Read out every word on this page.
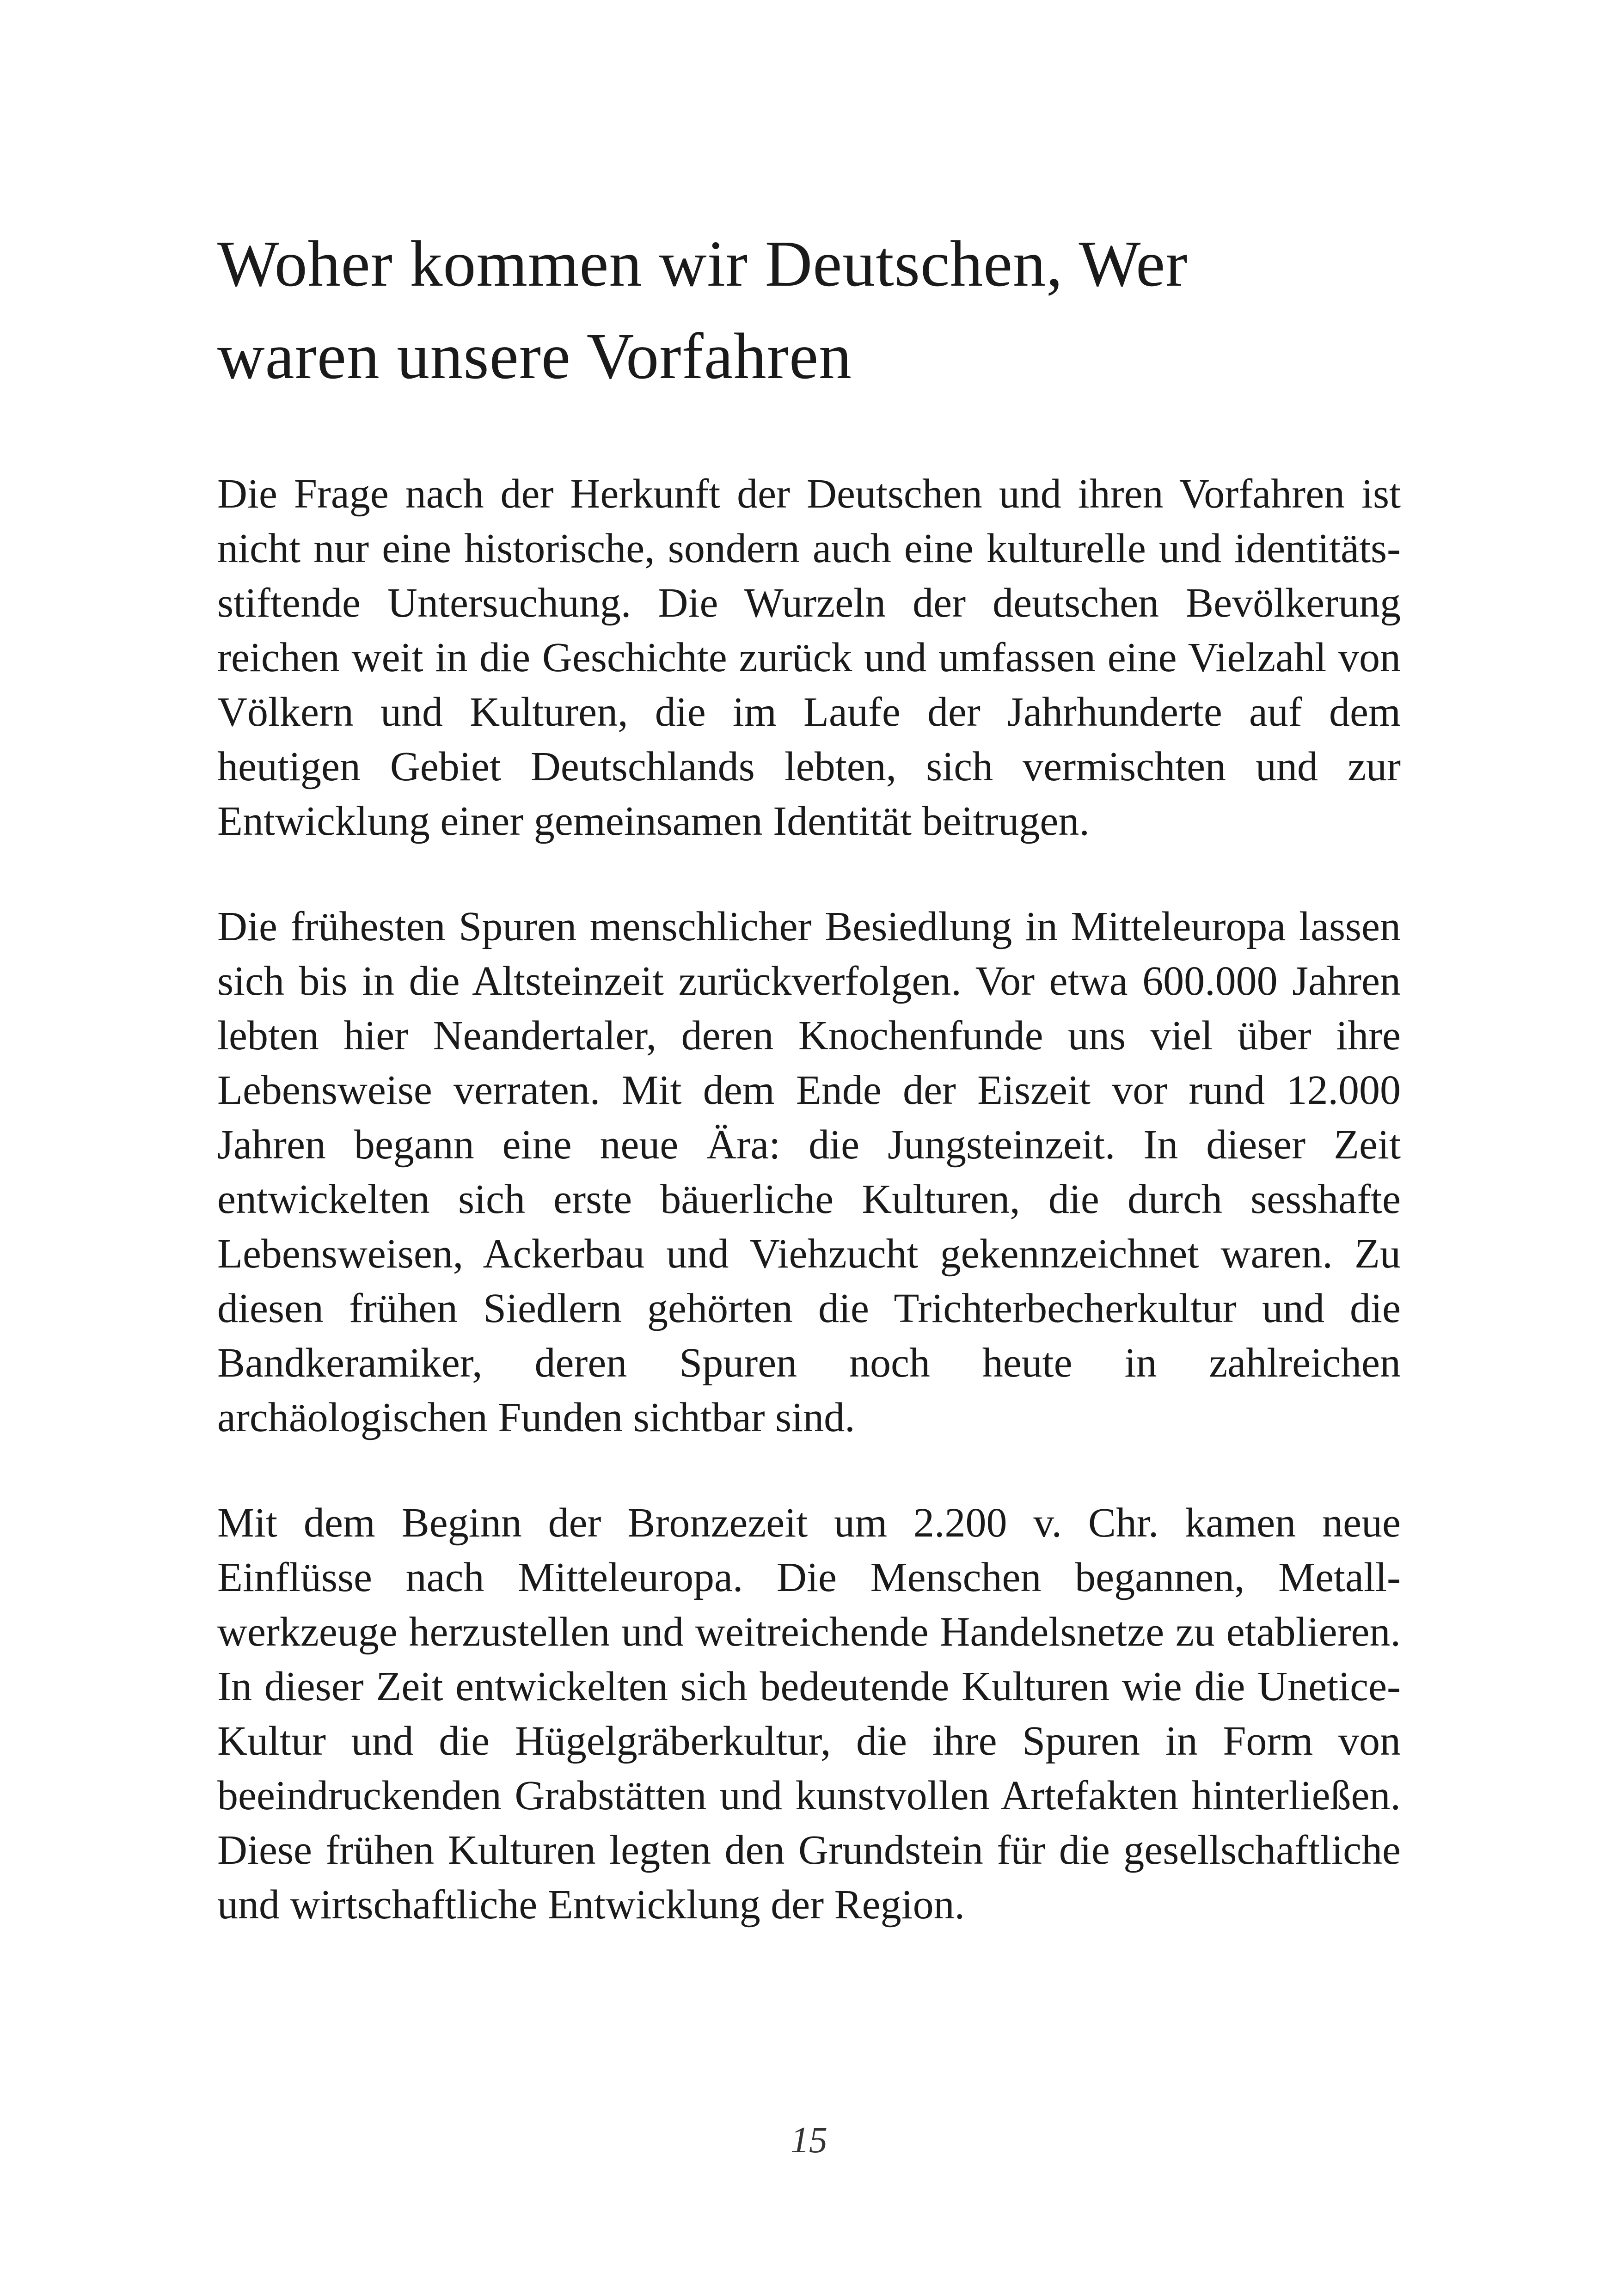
Woher kommen wir Deutschen, Wer
waren unsere Vorfahren

Die Frage nach der Herkunft der Deutschen und ihren Vorfahren ist nicht nur eine historische, sondern auch eine kulturelle und identitäts-stiftende Untersuchung. Die Wurzeln der deutschen Bevölkerung reichen weit in die Geschichte zurück und umfassen eine Vielzahl von Völkern und Kulturen, die im Laufe der Jahrhunderte auf dem heutigen Gebiet Deutschlands lebten, sich vermischten und zur Entwicklung einer gemeinsamen Identität beitrugen.

Die frühesten Spuren menschlicher Besiedlung in Mitteleuropa lassen sich bis in die Altsteinzeit zurückverfolgen. Vor etwa 600.000 Jahren lebten hier Neandertaler, deren Knochenfunde uns viel über ihre Lebensweise verraten. Mit dem Ende der Eiszeit vor rund 12.000 Jahren begann eine neue Ära: die Jungsteinzeit. In dieser Zeit entwickelten sich erste bäuerliche Kulturen, die durch sesshafte Lebensweisen, Ackerbau und Viehzucht gekennzeichnet waren. Zu diesen frühen Siedlern gehörten die Trichterbecherkultur und die Bandkeramiker, deren Spuren noch heute in zahlreichen archäologischen Funden sichtbar sind.

Mit dem Beginn der Bronzezeit um 2.200 v. Chr. kamen neue Einflüsse nach Mitteleuropa. Die Menschen begannen, Metallwerkzeuge herzustellen und weitreichende Handelsnetze zu etablieren. In dieser Zeit entwickelten sich bedeutende Kulturen wie die Unetice-Kultur und die Hügelgräberkultur, die ihre Spuren in Form von beeindruckenden Grabstätten und kunstvollen Artefakten hinterließen. Diese frühen Kulturen legten den Grundstein für die gesellschaftliche und wirtschaftliche Entwicklung der Region.

15
